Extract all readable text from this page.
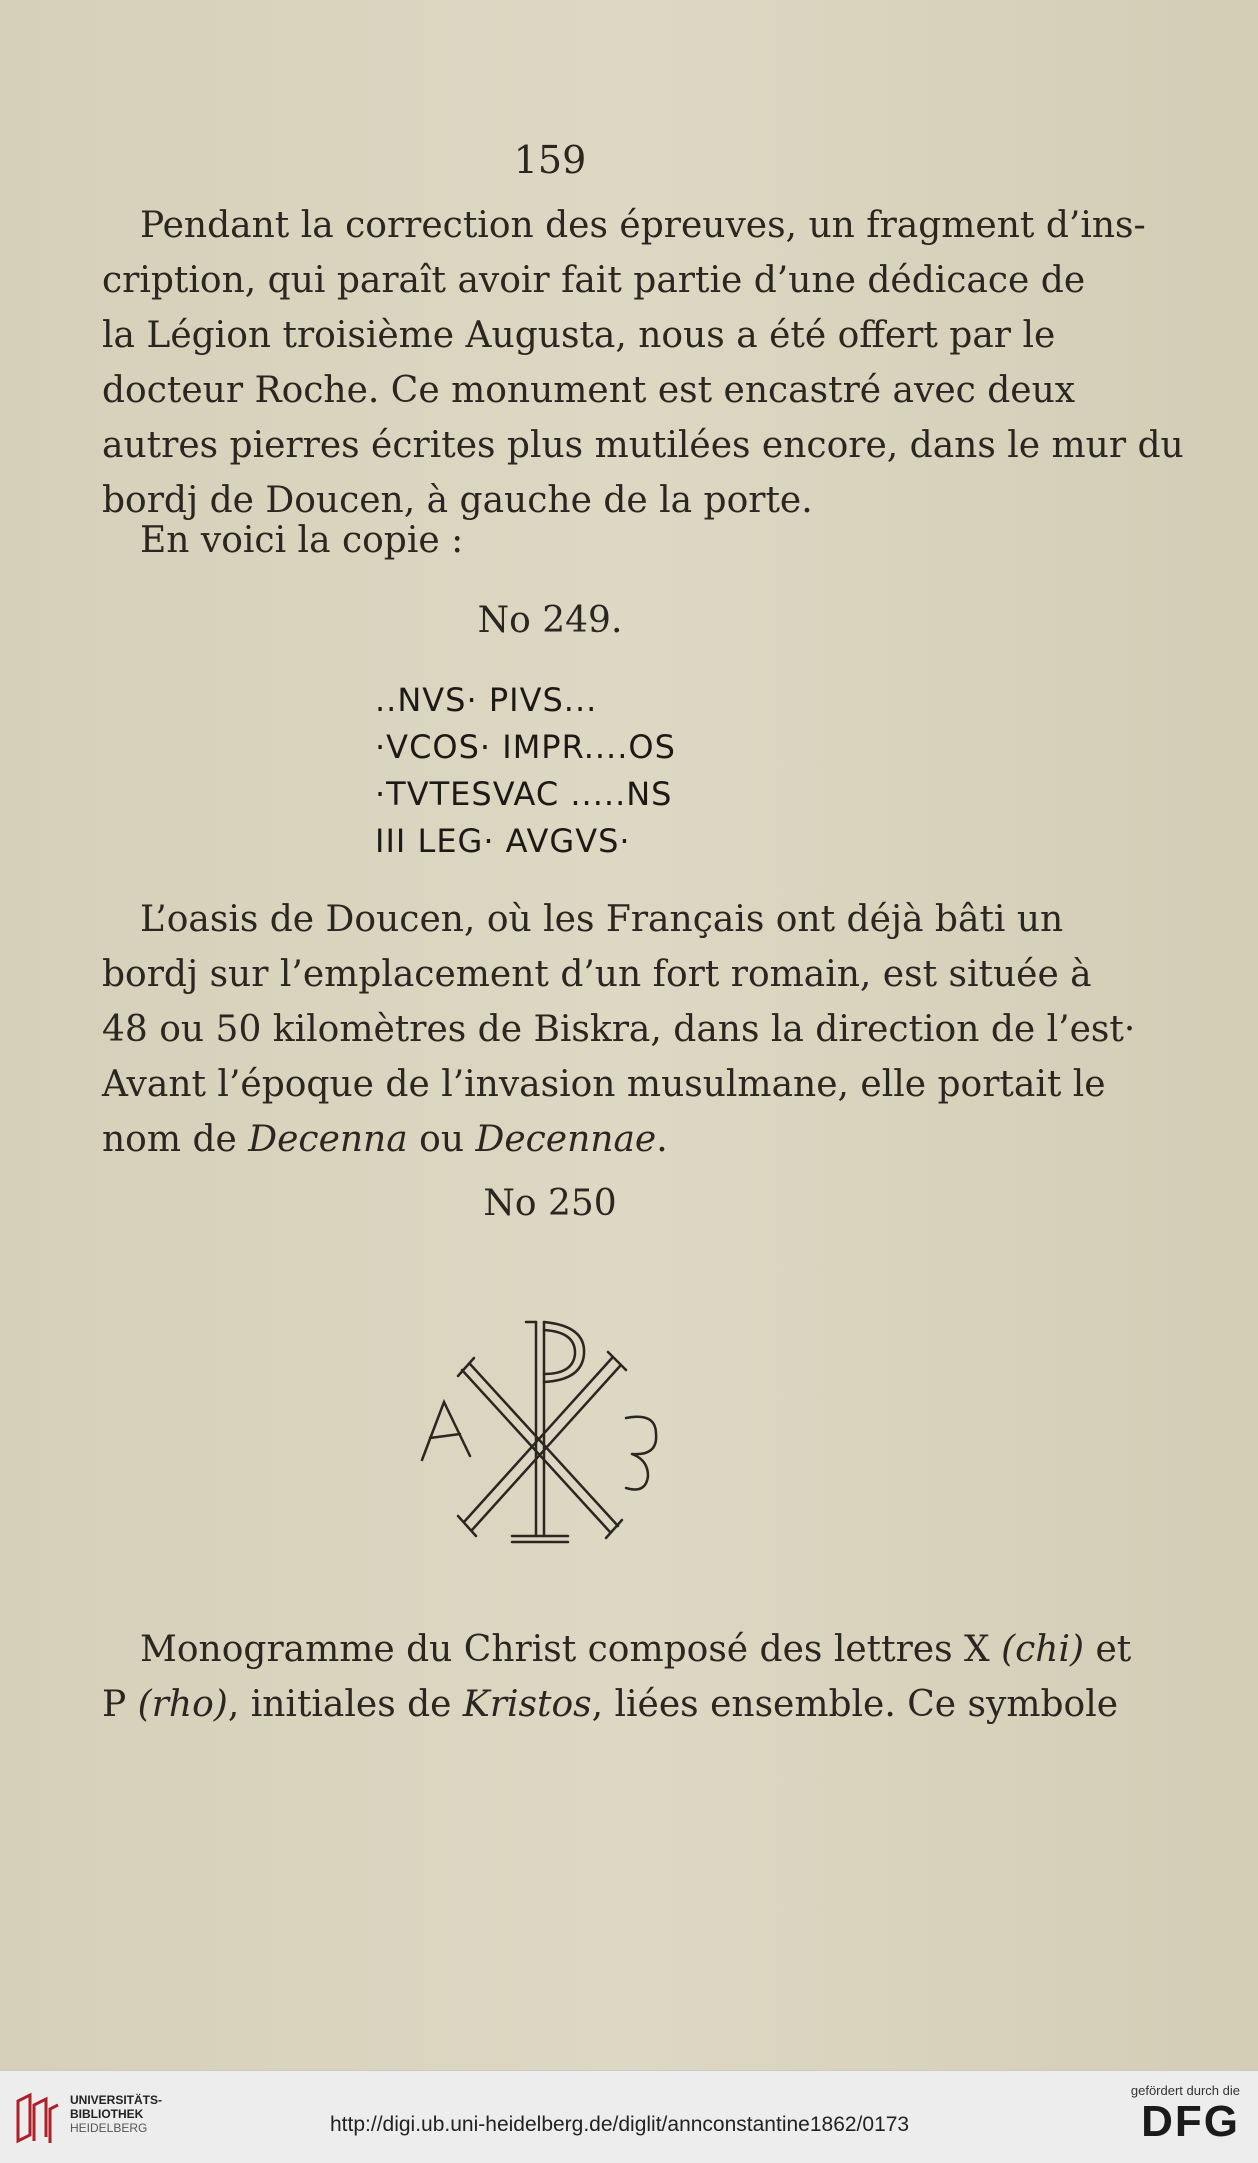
159

Pendant la correction des épreuves, un fragment d’ins-
cription, qui paraît avoir fait partie d’une dédicace de
la Légion troisième Augusta, nous a été offert par le
docteur Roche. Ce monument est encastré avec deux
autres pierres écrites plus mutilées encore, dans le mur du
bordj de Doucen, à gauche de la porte.

En voici la copie :

No 249.
..NVS· PIVS...
·VCOS· IMPR....OS
·TVTESVAC .....NS
III LEG· AVGVS·

L’oasis de Doucen, où les Français ont déjà bâti un
bordj sur l’emplacement d’un fort romain, est située à
48 ou 50 kilomètres de Biskra, dans la direction de l’est·
Avant l’époque de l’invasion musulmane, elle portait le
nom de Decenna ou Decennae.

No 250

Monogramme du Christ composé des lettres X (chi) et
P (rho), initiales de Kristos, liées ensemble. Ce symbole

UNIVERSITÄTS-
BIBLIOTHEK
HEIDELBERG	http://digi.ub.uni-heidelberg.de/diglit/annconstantine1862/0173
gefördert durch die
DFG
